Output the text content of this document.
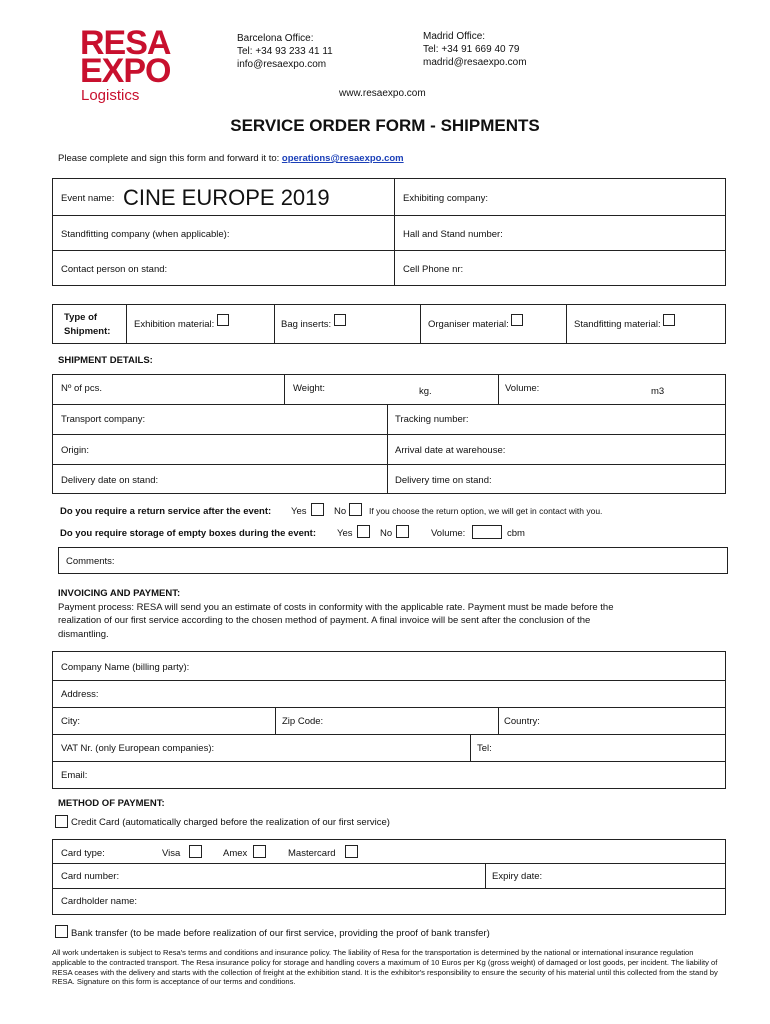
RESA
EXPO
Logistics
Barcelona Office:
Tel: +34 93 233 41 11
info@resaexpo.com
Madrid Office:
Tel: +34 91 669 40 79
madrid@resaexpo.com
www.resaexpo.com
SERVICE ORDER FORM - SHIPMENTS
Please complete and sign this form and forward it to: operations@resaexpo.com
Event name: CINE EUROPE 2019	Exhibiting company:
Standfitting company (when applicable):	Hall and Stand number:
Contact person on stand:	Cell Phone nr:
Type of
Shipment:
Exhibition material:	Bag inserts:	Organiser material:	Standfitting material:
SHIPMENT DETAILS:
Nº of pcs.	Weight:	kg.	Volume:	m3
Transport company:	Tracking number:
Origin:	Arrival date at warehouse:
Delivery date on stand:	Delivery time on stand:
Do you require a return service after the event: Yes	No	If you choose the return option, we will get in contact with you.
Do you require storage of empty boxes during the event: Yes	No	Volume:	cbm
Comments:
INVOICING AND PAYMENT:
Payment process: RESA will send you an estimate of costs in conformity with the applicable rate. Payment must be made before the
realization of our first service according to the chosen method of payment. A final invoice will be sent after the conclusion of the
dismantling.
Company Name (billing party):
Address:
City:	Zip Code:	Country:
VAT Nr. (only European companies):	Tel:
Email:
METHOD OF PAYMENT:
Credit Card (automatically charged before the realization of our first service)
Card type:	Visa	Amex	Mastercard
Card number:	Expiry date:
Cardholder name:
Bank transfer (to be made before realization of our first service, providing the proof of bank transfer)
All work undertaken is subject to Resa's terms and conditions and insurance policy. The liability of Resa for the transportation is determined by the national or international insurance regulation applicable to the contracted transport. The Resa insurance policy for storage and handling covers a maximum of 10 Euros per Kg (gross weight) of damaged or lost goods, per incident. The liability of RESA ceases with the delivery and starts with the collection of freight at the exhibition stand. It is the exhibitor's responsibility to ensure the security of his material until this collected from the stand by RESA. Signature on this form is acceptance of our terms and conditions.
